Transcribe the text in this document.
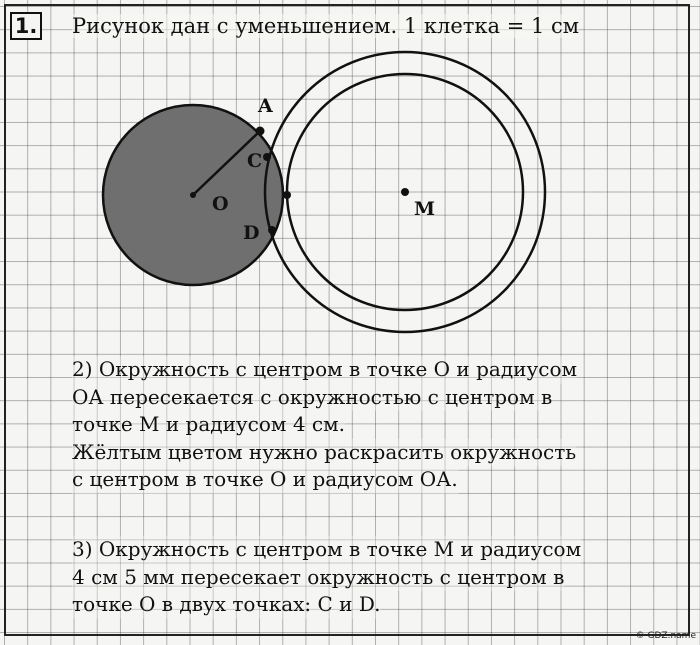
1. Рисунок дан с уменьшением. 1 клетка = 1 см
A
C
O
D
M
2) Окружность с центром в точке О и радиусом
ОА пересекается с окружностью с центром в
точке М и радиусом 4 см.
Жёлтым цветом нужно раскрасить окружность
с центром в точке О и радиусом ОА.
3) Окружность с центром в точке М и радиусом
4 см 5 мм пересекает окружность с центром в
точке О в двух точках: C и D.
© GDZ.name
